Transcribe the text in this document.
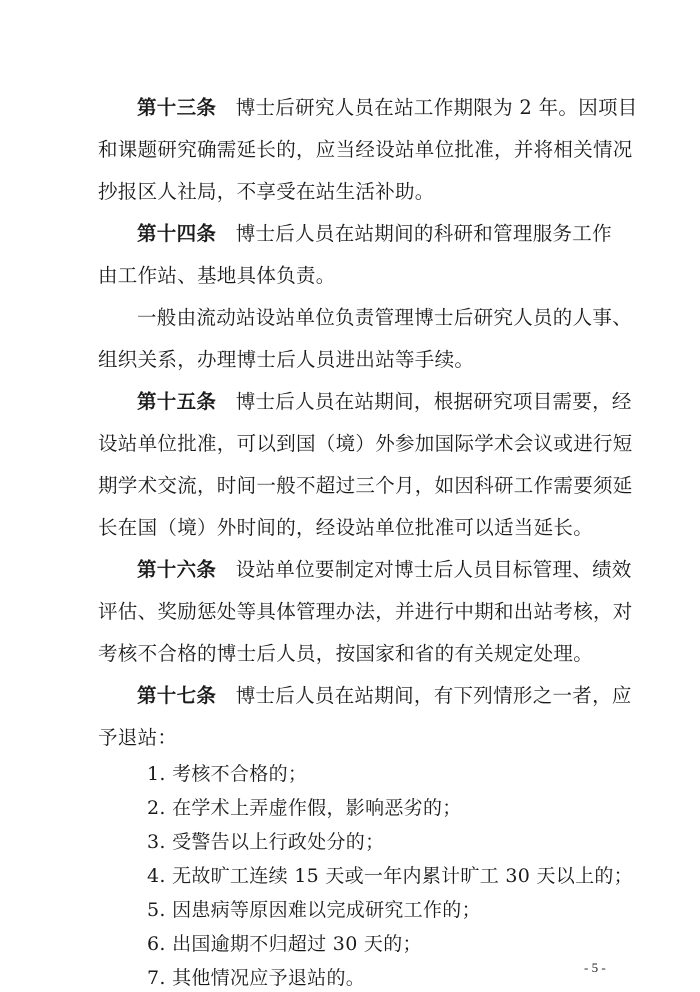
第十三条 博士后研究人员在站工作期限为 2 年。因项目
和课题研究确需延长的，应当经设站单位批准，并将相关情况
抄报区人社局，不享受在站生活补助。
第十四条 博士后人员在站期间的科研和管理服务工作
由工作站、基地具体负责。
一般由流动站设站单位负责管理博士后研究人员的人事、
组织关系，办理博士后人员进出站等手续。
第十五条 博士后人员在站期间，根据研究项目需要，经
设站单位批准，可以到国（境）外参加国际学术会议或进行短
期学术交流，时间一般不超过三个月，如因科研工作需要须延
长在国（境）外时间的，经设站单位批准可以适当延长。
第十六条 设站单位要制定对博士后人员目标管理、绩效
评估、奖励惩处等具体管理办法，并进行中期和出站考核，对
考核不合格的博士后人员，按国家和省的有关规定处理。
第十七条 博士后人员在站期间，有下列情形之一者，应
予退站：
1. 考核不合格的；
2. 在学术上弄虚作假，影响恶劣的；
3. 受警告以上行政处分的；
4. 无故旷工连续 15 天或一年内累计旷工 30 天以上的；
5. 因患病等原因难以完成研究工作的；
6. 出国逾期不归超过 30 天的；
7. 其他情况应予退站的。	- 5 -
